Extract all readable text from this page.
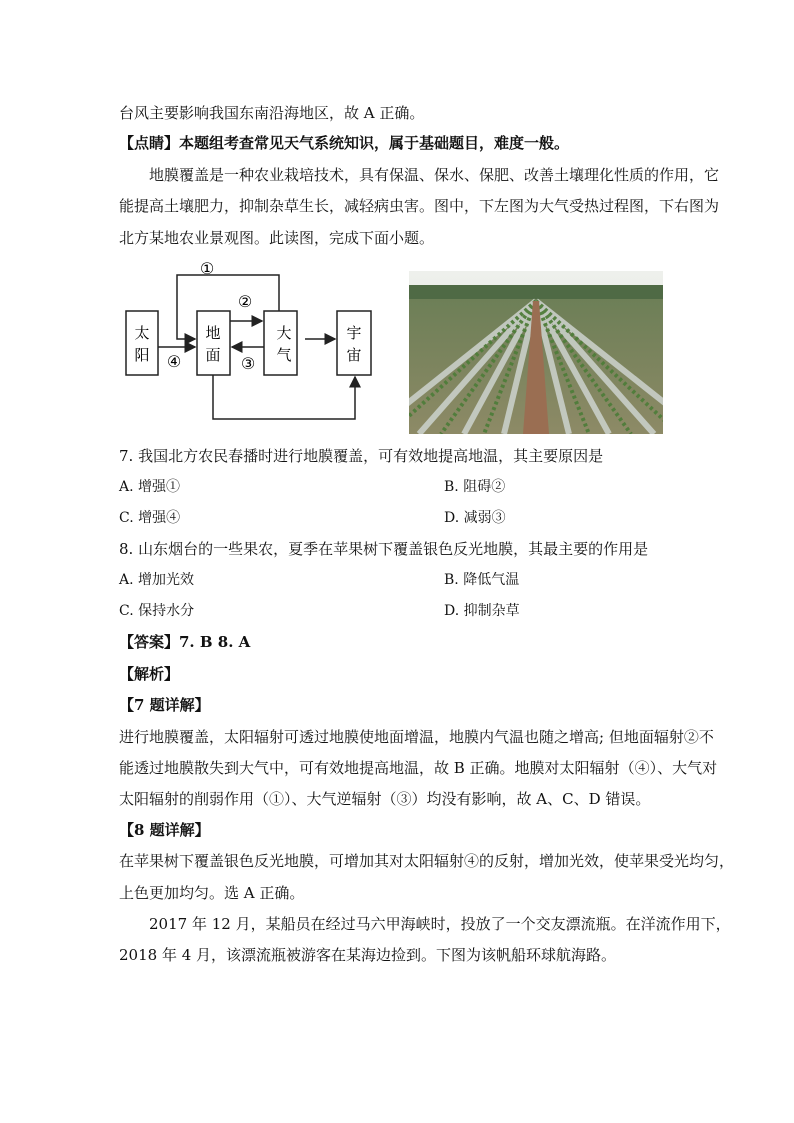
台风主要影响我国东南沿海地区，故 A 正确。
【点睛】本题组考查常见天气系统知识，属于基础题目，难度一般。
地膜覆盖是一种农业栽培技术，具有保温、保水、保肥、改善土壤理化性质的作用，它
能提高土壤肥力，抑制杂草生长，减轻病虫害。图中，下左图为大气受热过程图，下右图为
北方某地农业景观图。此读图，完成下面小题。
太
阳
地
面
大
气
宇
宙
①
④
②
③
7. 我国北方农民春播时进行地膜覆盖，可有效地提高地温，其主要原因是
A. 增强①	B. 阻碍②
C. 增强④	D. 减弱③
8. 山东烟台的一些果农，夏季在苹果树下覆盖银色反光地膜，其最主要的作用是
A. 增加光效	B. 降低气温
C. 保持水分	D. 抑制杂草
【答案】7. B 8. A
【解析】
【7 题详解】
进行地膜覆盖，太阳辐射可透过地膜使地面增温，地膜内气温也随之增高; 但地面辐射②不
能透过地膜散失到大气中，可有效地提高地温，故 B 正确。地膜对太阳辐射（④）、大气对
太阳辐射的削弱作用（①）、大气逆辐射（③）均没有影响，故 A、C、D 错误。
【8 题详解】
在苹果树下覆盖银色反光地膜，可增加其对太阳辐射④的反射，增加光效，使苹果受光均匀，
上色更加均匀。选 A 正确。
2017 年 12 月，某船员在经过马六甲海峡时，投放了一个交友漂流瓶。在洋流作用下，
2018 年 4 月，该漂流瓶被游客在某海边捡到。下图为该帆船环球航海路。
